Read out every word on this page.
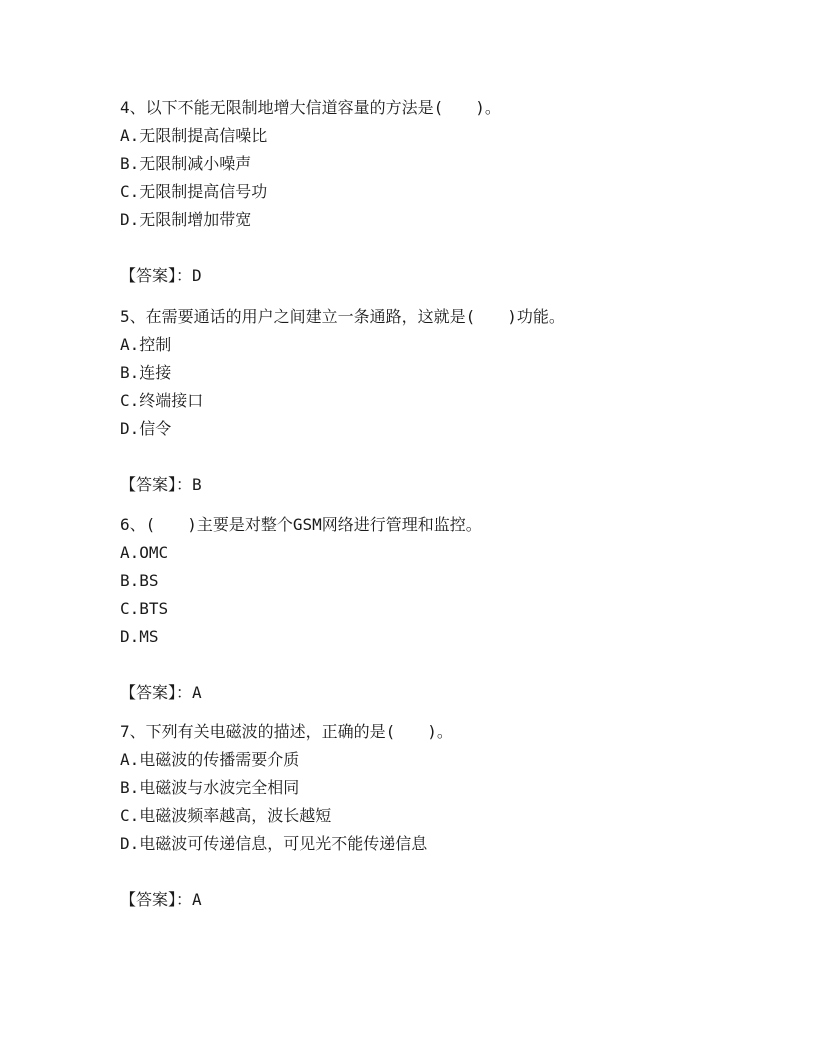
4、以下不能无限制地增大信道容量的方法是(　　)。
A.无限制提高信噪比
B.无限制减小噪声
C.无限制提高信号功
D.无限制增加带宽
【答案】：D
5、在需要通话的用户之间建立一条通路，这就是(　　)功能。
A.控制
B.连接
C.终端接口
D.信令
【答案】：B
6、(　　)主要是对整个GSM网络进行管理和监控。
A.OMC
B.BS
C.BTS
D.MS
【答案】：A
7、下列有关电磁波的描述，正确的是(　　)。
A.电磁波的传播需要介质
B.电磁波与水波完全相同
C.电磁波频率越高，波长越短
D.电磁波可传递信息，可见光不能传递信息
【答案】：A
